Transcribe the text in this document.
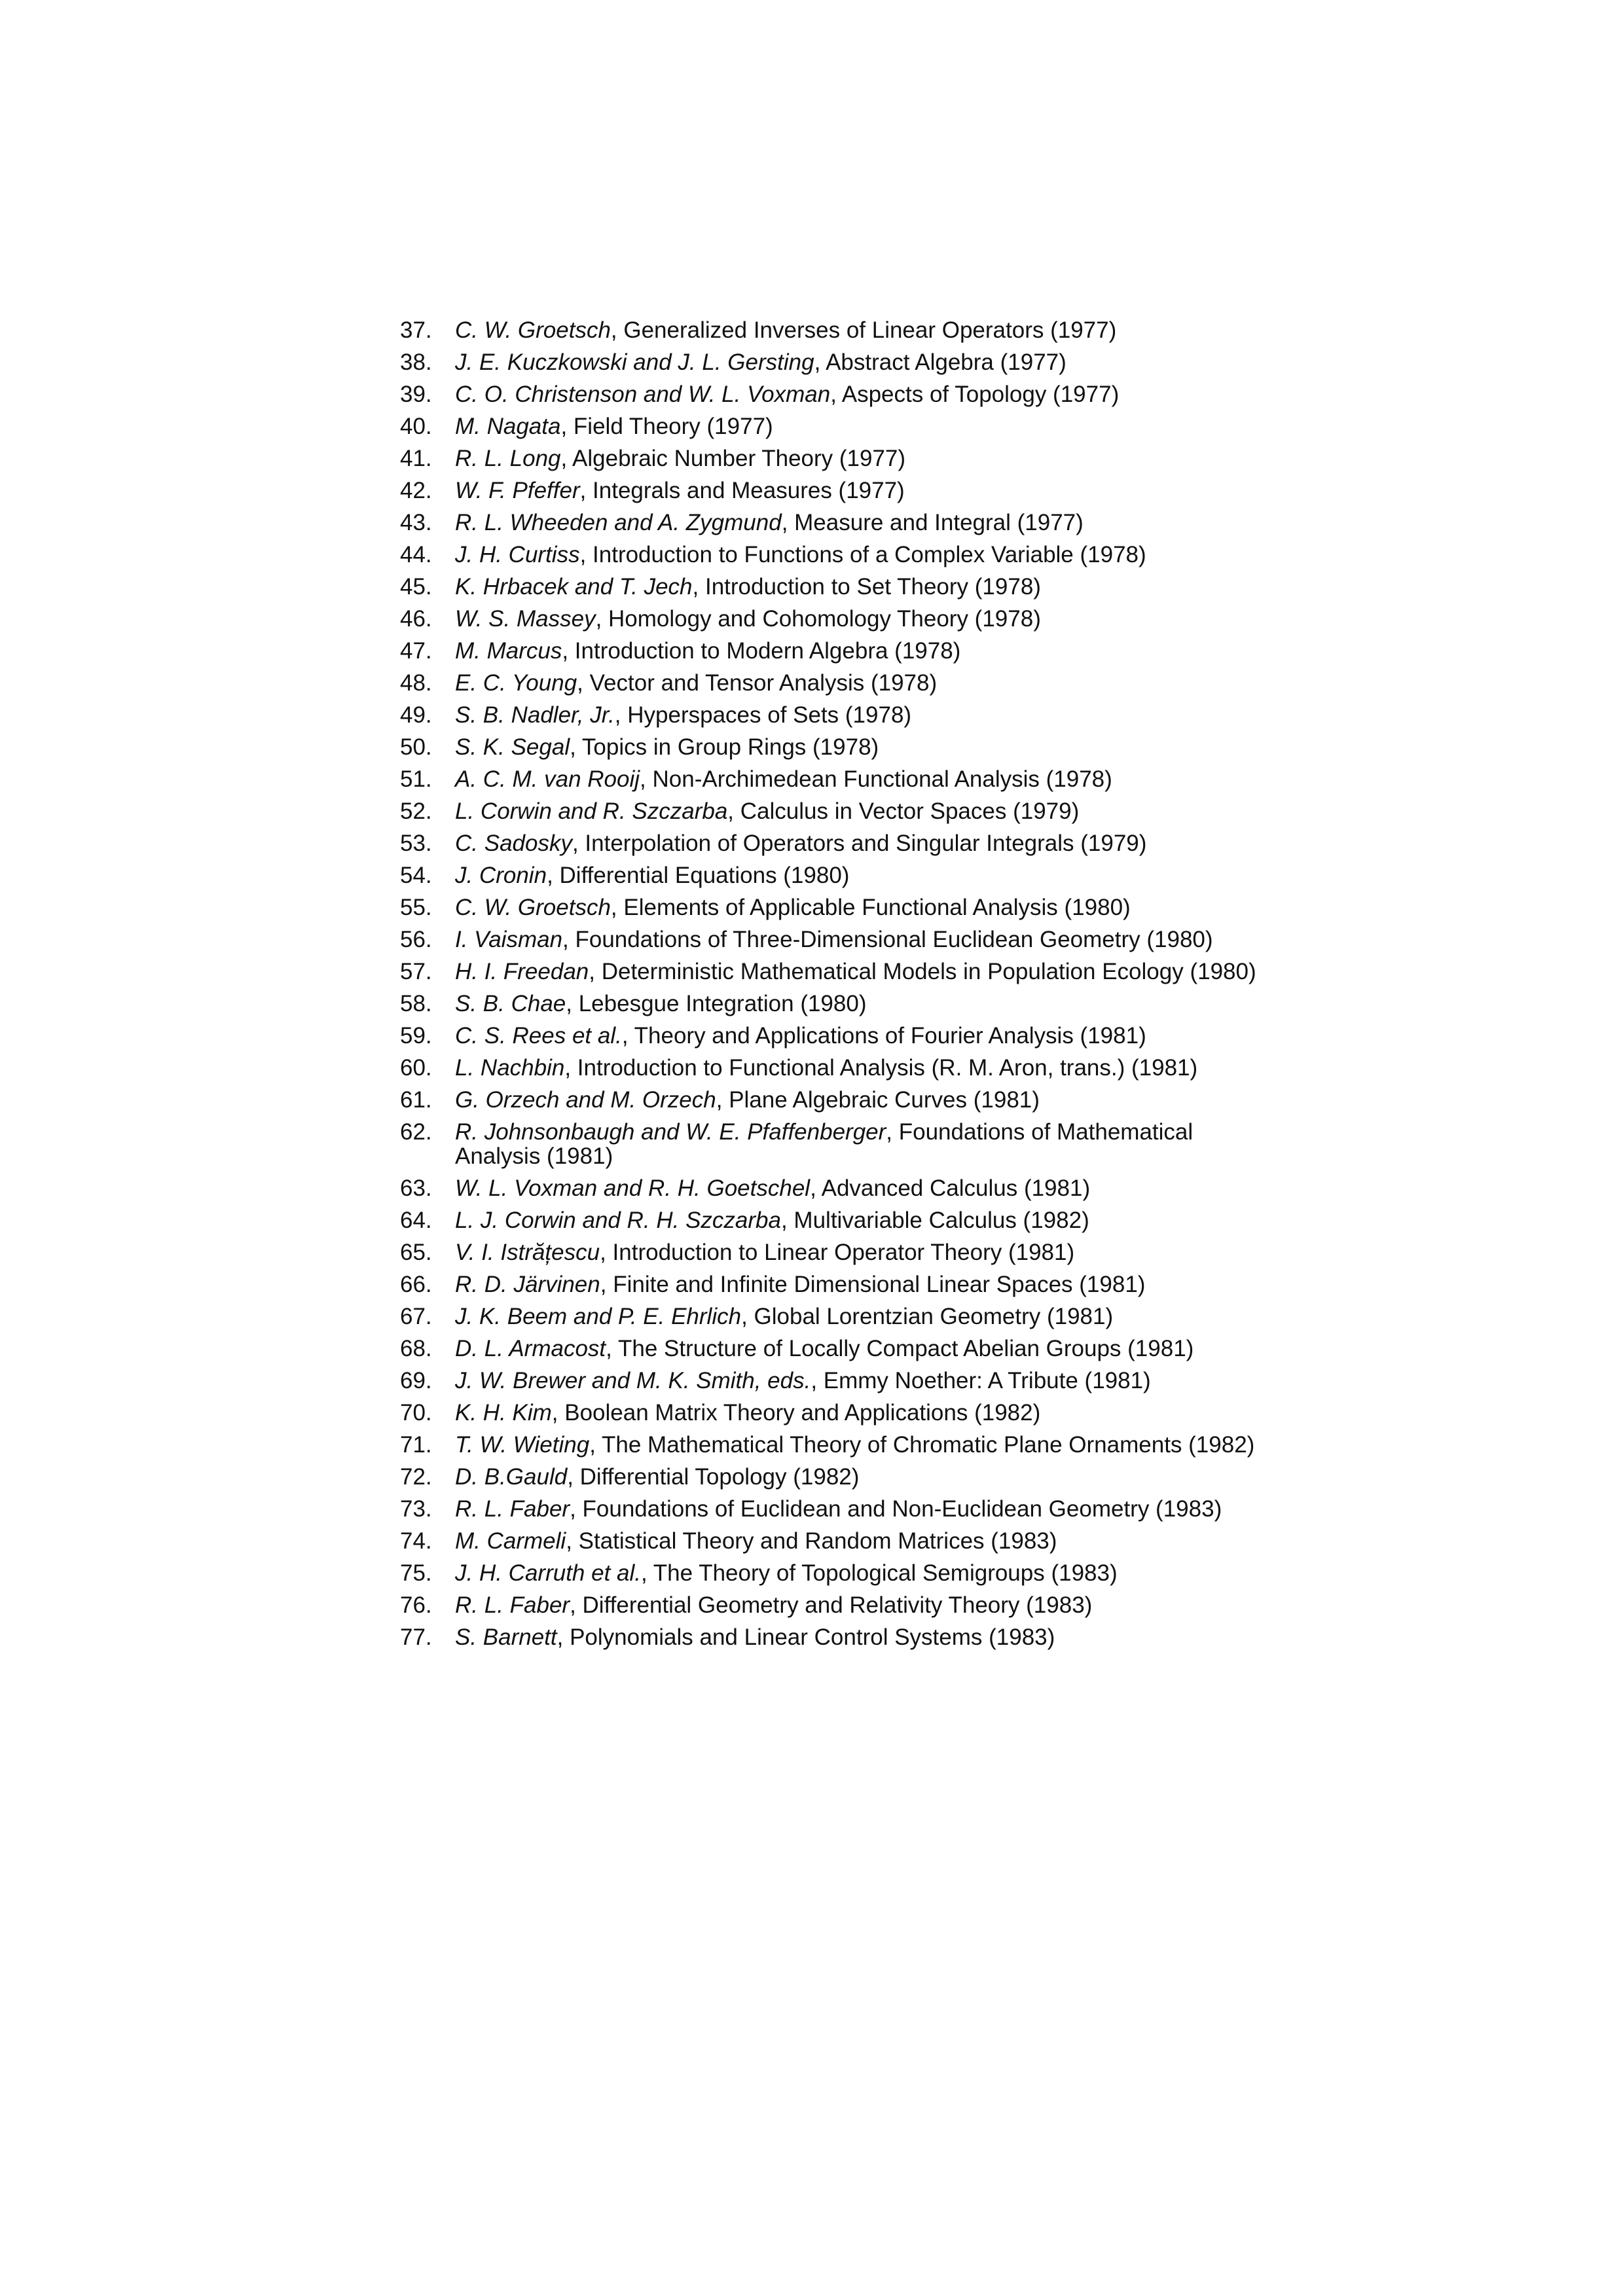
37.	C. W. Groetsch, Generalized Inverses of Linear Operators (1977)
38.	J. E. Kuczkowski and J. L. Gersting, Abstract Algebra (1977)
39.	C. O. Christenson and W. L. Voxman, Aspects of Topology (1977)
40.	M. Nagata, Field Theory (1977)
41.	R. L. Long, Algebraic Number Theory (1977)
42.	W. F. Pfeffer, Integrals and Measures (1977)
43.	R. L. Wheeden and A. Zygmund, Measure and Integral (1977)
44.	J. H. Curtiss, Introduction to Functions of a Complex Variable (1978)
45.	K. Hrbacek and T. Jech, Introduction to Set Theory (1978)
46.	W. S. Massey, Homology and Cohomology Theory (1978)
47.	M. Marcus, Introduction to Modern Algebra (1978)
48.	E. C. Young, Vector and Tensor Analysis (1978)
49.	S. B. Nadler, Jr., Hyperspaces of Sets (1978)
50.	S. K. Segal, Topics in Group Rings (1978)
51.	A. C. M. van Rooij, Non-Archimedean Functional Analysis (1978)
52.	L. Corwin and R. Szczarba, Calculus in Vector Spaces (1979)
53.	C. Sadosky, Interpolation of Operators and Singular Integrals (1979)
54.	J. Cronin, Differential Equations (1980)
55.	C. W. Groetsch, Elements of Applicable Functional Analysis (1980)
56.	I. Vaisman, Foundations of Three-Dimensional Euclidean Geometry (1980)
57.	H. I. Freedan, Deterministic Mathematical Models in Population Ecology (1980)
58.	S. B. Chae, Lebesgue Integration (1980)
59.	C. S. Rees et al., Theory and Applications of Fourier Analysis (1981)
60.	L. Nachbin, Introduction to Functional Analysis (R. M. Aron, trans.) (1981)
61.	G. Orzech and M. Orzech, Plane Algebraic Curves (1981)
62.	R. Johnsonbaugh and W. E. Pfaffenberger, Foundations of Mathematical Analysis (1981)
63.	W. L. Voxman and R. H. Goetschel, Advanced Calculus (1981)
64.	L. J. Corwin and R. H. Szczarba, Multivariable Calculus (1982)
65.	V. I. Istrățescu, Introduction to Linear Operator Theory (1981)
66.	R. D. Järvinen, Finite and Infinite Dimensional Linear Spaces (1981)
67.	J. K. Beem and P. E. Ehrlich, Global Lorentzian Geometry (1981)
68.	D. L. Armacost, The Structure of Locally Compact Abelian Groups (1981)
69.	J. W. Brewer and M. K. Smith, eds., Emmy Noether: A Tribute (1981)
70.	K. H. Kim, Boolean Matrix Theory and Applications (1982)
71.	T. W. Wieting, The Mathematical Theory of Chromatic Plane Ornaments (1982)
72.	D. B.Gauld, Differential Topology (1982)
73.	R. L. Faber, Foundations of Euclidean and Non-Euclidean Geometry (1983)
74.	M. Carmeli, Statistical Theory and Random Matrices (1983)
75.	J. H. Carruth et al., The Theory of Topological Semigroups (1983)
76.	R. L. Faber, Differential Geometry and Relativity Theory (1983)
77.	S. Barnett, Polynomials and Linear Control Systems (1983)
